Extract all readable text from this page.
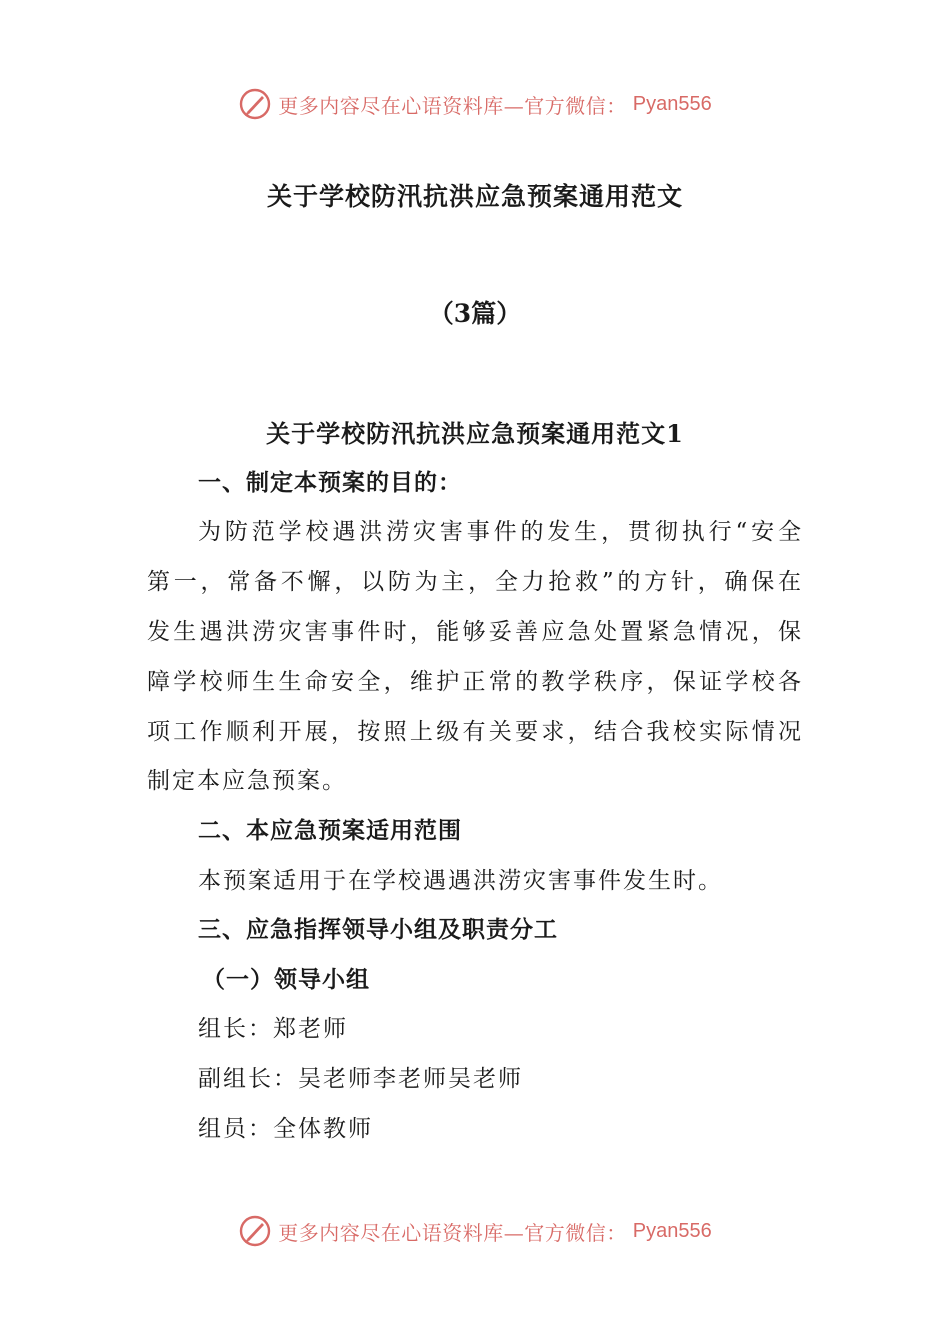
更多内容尽在心语资料库—官方微信： Pyan556
关于学校防汛抗洪应急预案通用范文
（3篇）
关于学校防汛抗洪应急预案通用范文1
一、制定本预案的目的：
为防范学校遇洪涝灾害事件的发生，贯彻执行“安全
第一，常备不懈，以防为主，全力抢救”的方针，确保在
发生遇洪涝灾害事件时，能够妥善应急处置紧急情况，保
障学校师生生命安全，维护正常的教学秩序，保证学校各
项工作顺利开展，按照上级有关要求，结合我校实际情况
制定本应急预案。
二、本应急预案适用范围
本预案适用于在学校遇遇洪涝灾害事件发生时。
三、应急指挥领导小组及职责分工
（一）领导小组
组长：郑老师
副组长：吴老师李老师吴老师
组员：全体教师
更多内容尽在心语资料库—官方微信： Pyan556
